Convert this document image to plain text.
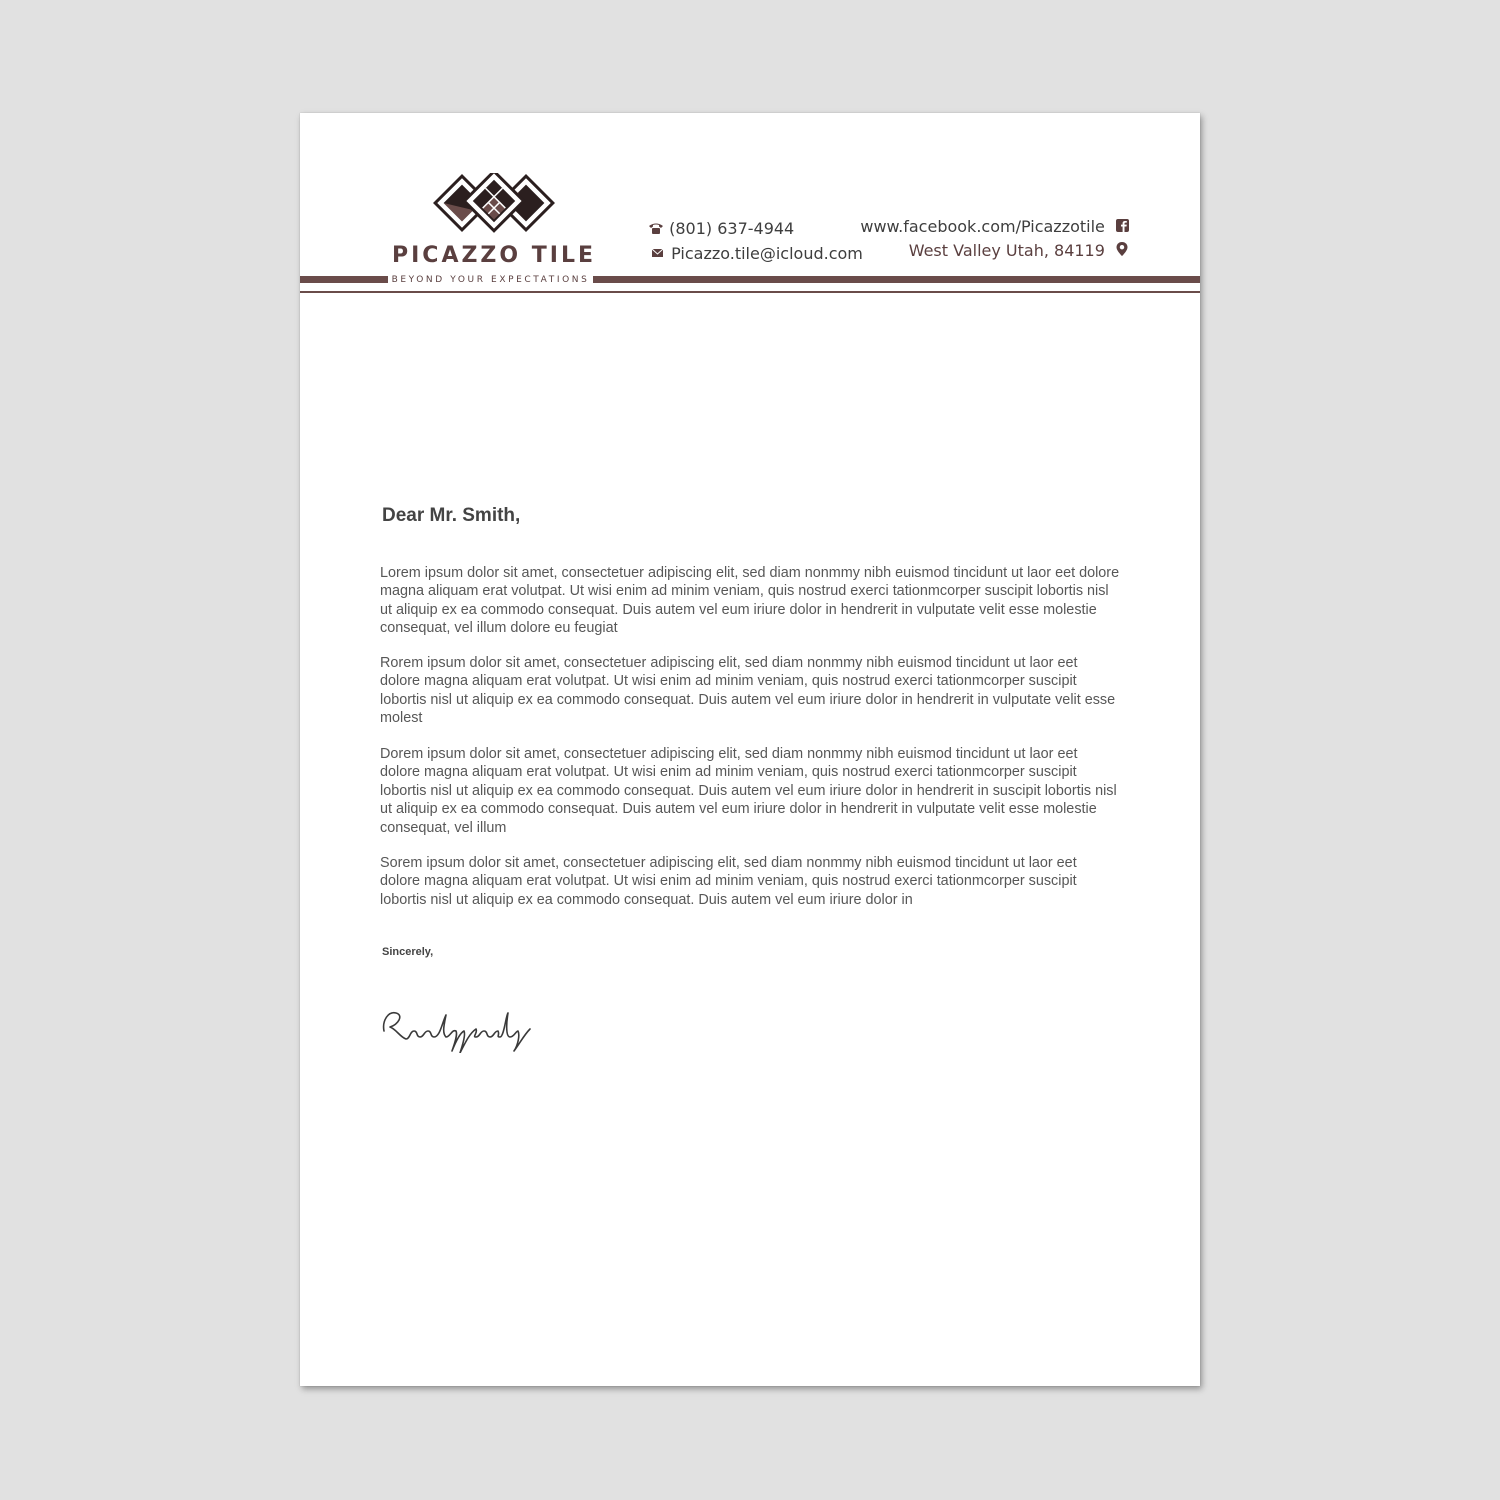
PICAZZO TILE
BEYOND YOUR EXPECTATIONS
(801) 637-4944
Picazzo.tile@icloud.com
www.facebook.com/Picazzotile
West Valley Utah, 84119
Dear Mr. Smith,

Lorem ipsum dolor sit amet, consectetuer adipiscing elit, sed diam nonmmy nibh euismod tincidunt ut laor eet dolore magna aliquam erat volutpat. Ut wisi enim ad minim veniam, quis nostrud exerci tationmcorper suscipit lobortis nisl ut aliquip ex ea commodo consequat. Duis autem vel eum iriure dolor in hendrerit in vulputate velit esse molestie consequat, vel illum dolore eu feugiat

Rorem ipsum dolor sit amet, consectetuer adipiscing elit, sed diam nonmmy nibh euismod tincidunt ut laor eet dolore magna aliquam erat volutpat. Ut wisi enim ad minim veniam, quis nostrud exerci tationmcorper suscipit lobortis nisl ut aliquip ex ea commodo consequat. Duis autem vel eum iriure dolor in hendrerit in vulputate velit esse molest

Dorem ipsum dolor sit amet, consectetuer adipiscing elit, sed diam nonmmy nibh euismod tincidunt ut laor eet dolore magna aliquam erat volutpat. Ut wisi enim ad minim veniam, quis nostrud exerci tationmcorper suscipit lobortis nisl ut aliquip ex ea commodo consequat. Duis autem vel eum iriure dolor in hendrerit in suscipit lobortis nisl ut aliquip ex ea commodo consequat. Duis autem vel eum iriure dolor in hendrerit in vulputate velit esse molestie consequat, vel illum

Sorem ipsum dolor sit amet, consectetuer adipiscing elit, sed diam nonmmy nibh euismod tincidunt ut laor eet dolore magna aliquam erat volutpat. Ut wisi enim ad minim veniam, quis nostrud exerci tationmcorper suscipit lobortis nisl ut aliquip ex ea commodo consequat. Duis autem vel eum iriure dolor in

Sincerely,
